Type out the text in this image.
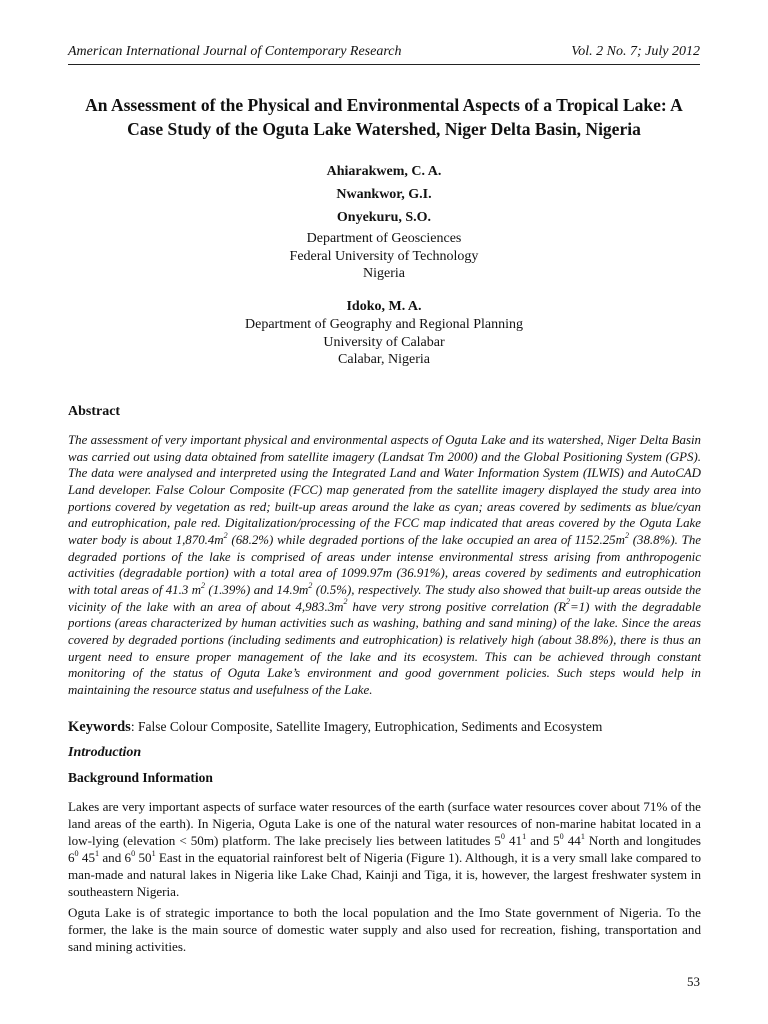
American International Journal of Contemporary Research	Vol. 2 No. 7; July 2012
An Assessment of the Physical and Environmental Aspects of a Tropical Lake: A
Case Study of the Oguta Lake Watershed, Niger Delta Basin, Nigeria
Ahiarakwem, C. A.
Nwankwor, G.I.
Onyekuru, S.O.
Department of Geosciences
Federal University of Technology
Nigeria
Idoko, M. A.
Department of Geography and Regional Planning
University of Calabar
Calabar, Nigeria
Abstract

The assessment of very important physical and environmental aspects of Oguta Lake and its watershed, Niger Delta Basin was carried out using data obtained from satellite imagery (Landsat Tm 2000) and the Global Positioning System (GPS). The data were analysed and interpreted using the Integrated Land and Water Information System (ILWIS) and AutoCAD Land developer. False Colour Composite (FCC) map generated from the satellite imagery displayed the study area into portions covered by vegetation as red; built-up areas around the lake as cyan; areas covered by sediments as blue/cyan and eutrophication, pale red. Digitalization/processing of the FCC map indicated that areas covered by the Oguta Lake water body is about $1,870.4m^2$ (68.2%) while degraded portions of the lake occupied an area of $1152.25m^2$ (38.8%). The degraded portions of the lake is comprised of areas under intense environmental stress arising from anthropogenic activities (degradable portion) with a total area of 1099.97m (36.91%), areas covered by sediments and eutrophication with total areas of 41.3 $m^2$ (1.39%) and $14.9m^2$ (0.5%), respectively. The study also showed that built-up areas outside the vicinity of the lake with an area of about $4,983.3m^2$ have very strong positive correlation $(R^2=1)$ with the degradable portions (areas characterized by human activities such as washing, bathing and sand mining) of the lake. Since the areas covered by degraded portions (including sediments and eutrophication) is relatively high (about 38.8%), there is thus an urgent need to ensure proper management of the lake and its ecosystem. This can be achieved through constant monitoring of the status of Oguta Lake’s environment and good government policies. Such steps would help in maintaining the resource status and usefulness of the Lake.

Keywords: False Colour Composite, Satellite Imagery, Eutrophication, Sediments and Ecosystem
Introduction
Background Information

Lakes are very important aspects of surface water resources of the earth (surface water resources cover about 71% of the land areas of the earth). In Nigeria, Oguta Lake is one of the natural water resources of non-marine habitat located in a low-lying (elevation < 50m) platform. The lake precisely lies between latitudes $5^0$ $41^1$ and $5^0$ $44^1$ North and longitudes $6^0$ $45^1$ and $6^0$ $50^1$ East in the equatorial rainforest belt of Nigeria (Figure 1). Although, it is a very small lake compared to man-made and natural lakes in Nigeria like Lake Chad, Kainji and Tiga, it is, however, the largest freshwater system in southeastern Nigeria.

Oguta Lake is of strategic importance to both the local population and the Imo State government of Nigeria. To the former, the lake is the main source of domestic water supply and also used for recreation, fishing, transportation and sand mining activities.

53
